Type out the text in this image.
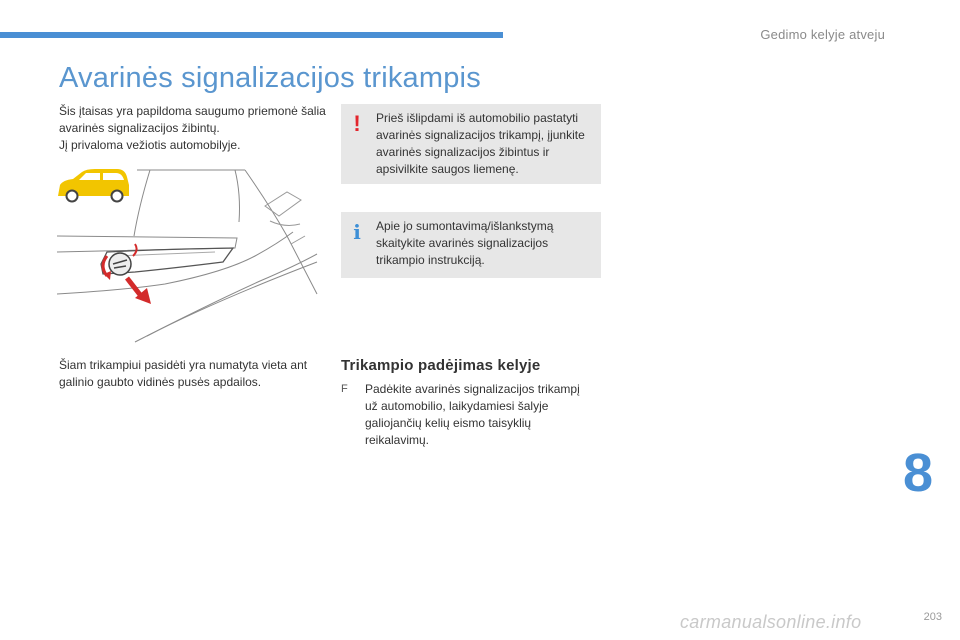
Gedimo kelyje atveju
Avarinės signalizacijos trikampis

Šis įtaisas yra papildoma saugumo priemonė šalia avarinės signalizacijos žibintų.

Jį privaloma vežiotis automobilyje.

Šiam trikampiui pasidėti yra numatyta vieta ant galinio gaubto vidinės pusės apdailos.

! Prieš išlipdami iš automobilio pastatyti avarinės signalizacijos trikampį, įjunkite avarinės signalizacijos žibintus ir apsivilkite saugos liemenę.
i Apie jo sumontavimą/išlankstymą skaitykite avarinės signalizacijos trikampio instrukciją.
Trikampio padėjimas kelyje
F Padėkite avarinės signalizacijos trikampį už automobilio, laikydamiesi šalyje galiojančių kelių eismo taisyklių reikalavimų.
8
carmanualsonline.info	203
